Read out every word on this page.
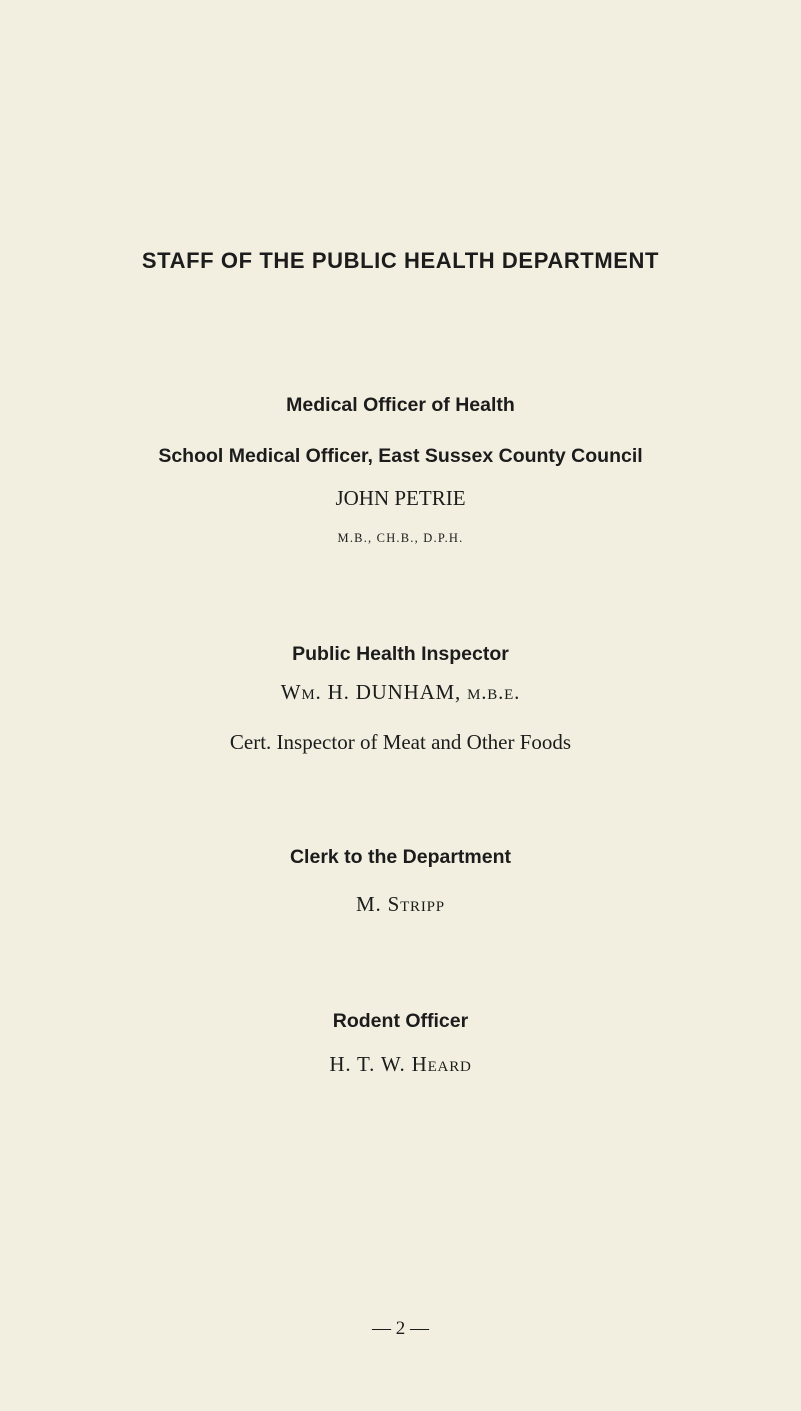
STAFF OF THE PUBLIC HEALTH DEPARTMENT
Medical Officer of Health
School Medical Officer, East Sussex County Council
JOHN PETRIE
M.B., CH.B., D.P.H.
Public Health Inspector
Wm. H. DUNHAM, m.b.e.
Cert. Inspector of Meat and Other Foods
Clerk to the Department
M. Stripp
Rodent Officer
H. T. W. Heard
— 2 —
